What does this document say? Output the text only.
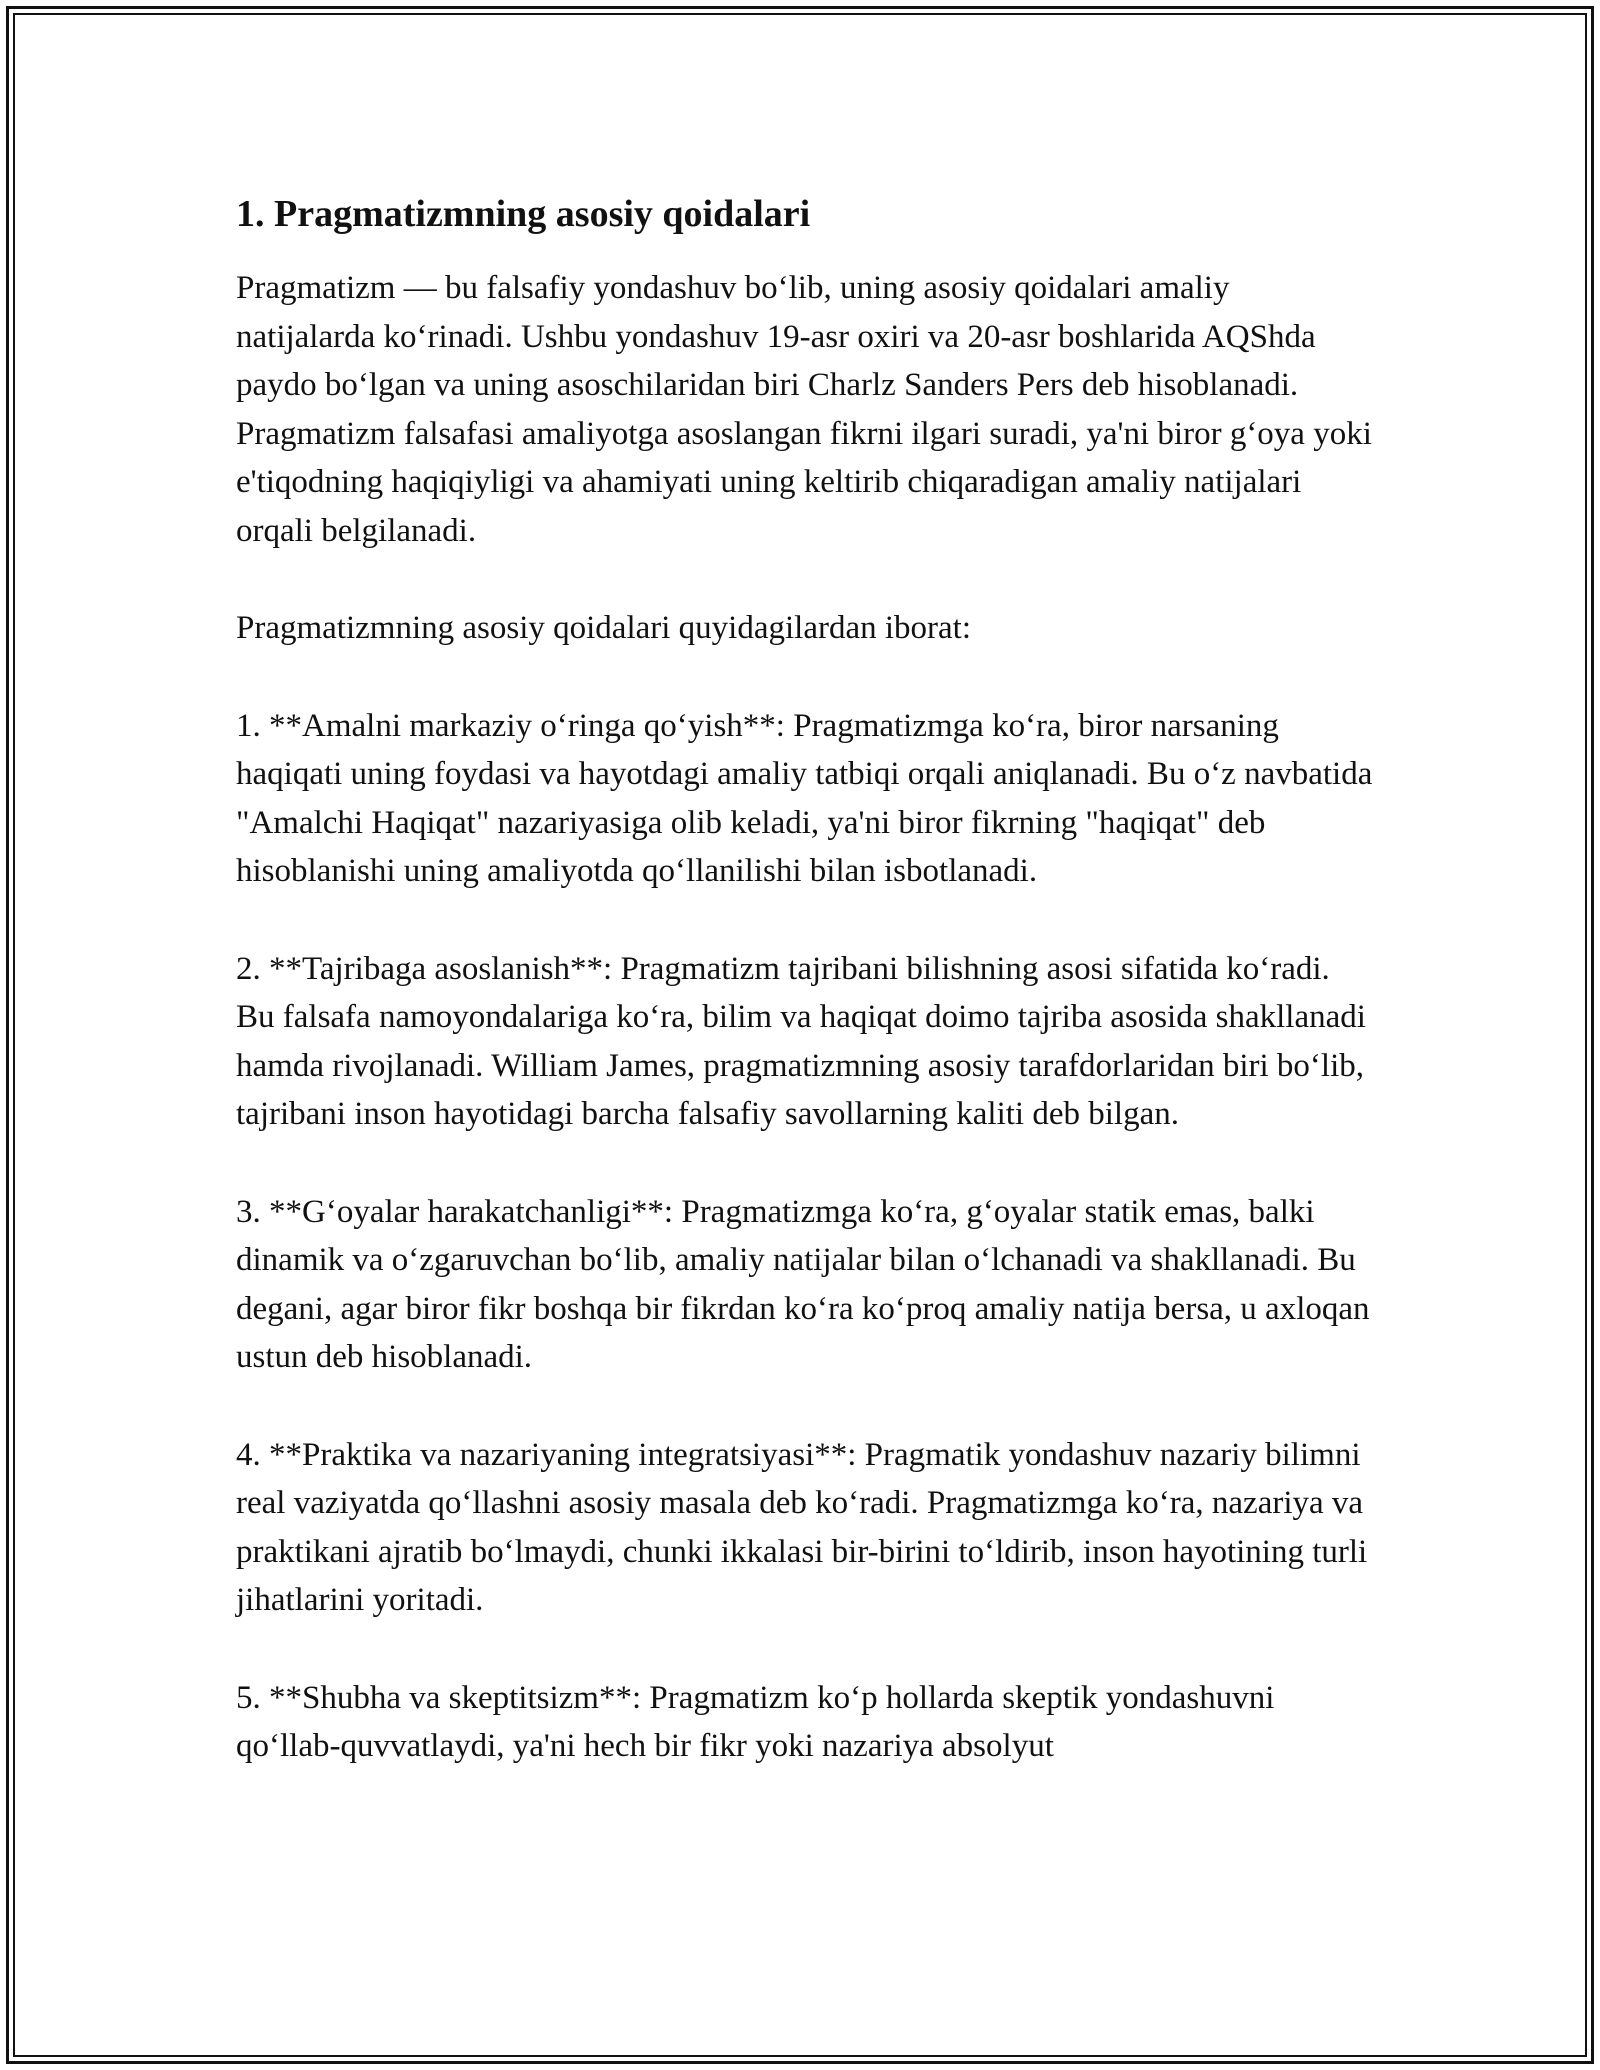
1. Pragmatizmning asosiy qoidalari

Pragmatizm — bu falsafiy yondashuv bo‘lib, uning asosiy qoidalari amaliy natijalarda ko‘rinadi. Ushbu yondashuv 19-asr oxiri va 20-asr boshlarida AQShda paydo bo‘lgan va uning asoschilaridan biri Charlz Sanders Pers deb hisoblanadi. Pragmatizm falsafasi amaliyotga asoslangan fikrni ilgari suradi, ya'ni biror g‘oya yoki e'tiqodning haqiqiyligi va ahamiyati uning keltirib chiqaradigan amaliy natijalari orqali belgilanadi.

Pragmatizmning asosiy qoidalari quyidagilardan iborat:

1. **Amalni markaziy o‘ringa qo‘yish**: Pragmatizmga ko‘ra, biror narsaning haqiqati uning foydasi va hayotdagi amaliy tatbiqi orqali aniqlanadi. Bu o‘z navbatida "Amalchi Haqiqat" nazariyasiga olib keladi, ya'ni biror fikrning "haqiqat" deb hisoblanishi uning amaliyotda qo‘llanilishi bilan isbotlanadi.

2. **Tajribaga asoslanish**: Pragmatizm tajribani bilishning asosi sifatida ko‘radi. Bu falsafa namoyondalariga ko‘ra, bilim va haqiqat doimo tajriba asosida shakllanadi hamda rivojlanadi. William James, pragmatizmning asosiy tarafdorlaridan biri bo‘lib, tajribani inson hayotidagi barcha falsafiy savollarning kaliti deb bilgan.

3. **G‘oyalar harakatchanligi**: Pragmatizmga ko‘ra, g‘oyalar statik emas, balki dinamik va o‘zgaruvchan bo‘lib, amaliy natijalar bilan o‘lchanadi va shakllanadi. Bu degani, agar biror fikr boshqa bir fikrdan ko‘ra ko‘proq amaliy natija bersa, u axloqan ustun deb hisoblanadi.

4. **Praktika va nazariyaning integratsiyasi**: Pragmatik yondashuv nazariy bilimni real vaziyatda qo‘llashni asosiy masala deb ko‘radi. Pragmatizmga ko‘ra, nazariya va praktikani ajratib bo‘lmaydi, chunki ikkalasi bir-birini to‘ldirib, inson hayotining turli jihatlarini yoritadi.

5. **Shubha va skeptitsizm**: Pragmatizm ko‘p hollarda skeptik yondashuvni qo‘llab-quvvatlaydi, ya'ni hech bir fikr yoki nazariya absolyut
